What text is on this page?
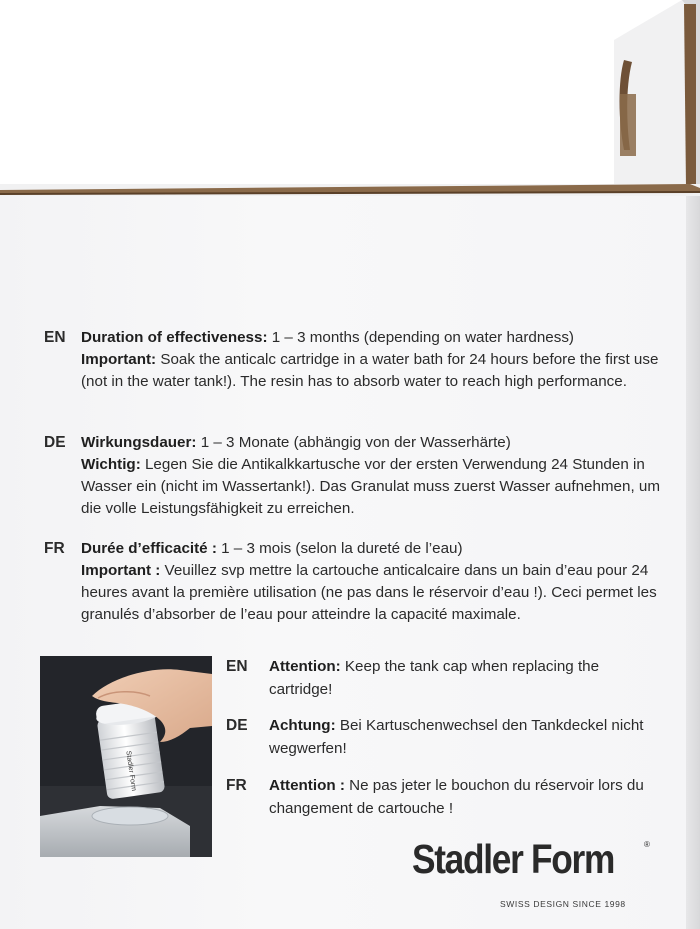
EN Duration of effectiveness: 1 – 3 months (depending on water hardness)

Important: Soak the anticalc cartridge in a water bath for 24 hours before the first use (not in the water tank!). The resin has to absorb water to reach high performance.

DE Wirkungsdauer: 1 – 3 Monate (abhängig von der Wasserhärte)

Wichtig: Legen Sie die Antikalkkartusche vor der ersten Verwendung 24 Stunden in Wasser ein (nicht im Wassertank!). Das Granulat muss zuerst Wasser aufnehmen, um die volle Leistungsfähigkeit zu erreichen.

FR Durée d’efficacité : 1 – 3 mois (selon la dureté de l’eau)

Important : Veuillez svp mettre la cartouche anticalcaire dans un bain d’eau pour 24 heures avant la première utilisation (ne pas dans le réservoir d’eau !). Ceci permet les granulés d’absorber de l’eau pour atteindre la capacité maximale.

Stadler Form
EN Attention: Keep the tank cap when replacing the cartridge!

DE Achtung: Bei Kartuschenwechsel den Tankdeckel nicht wegwerfen!

FR Attention : Ne pas jeter le bouchon du réservoir lors du changement de cartouche !

Stadler Form	®
SWISS DESIGN SINCE 1998
